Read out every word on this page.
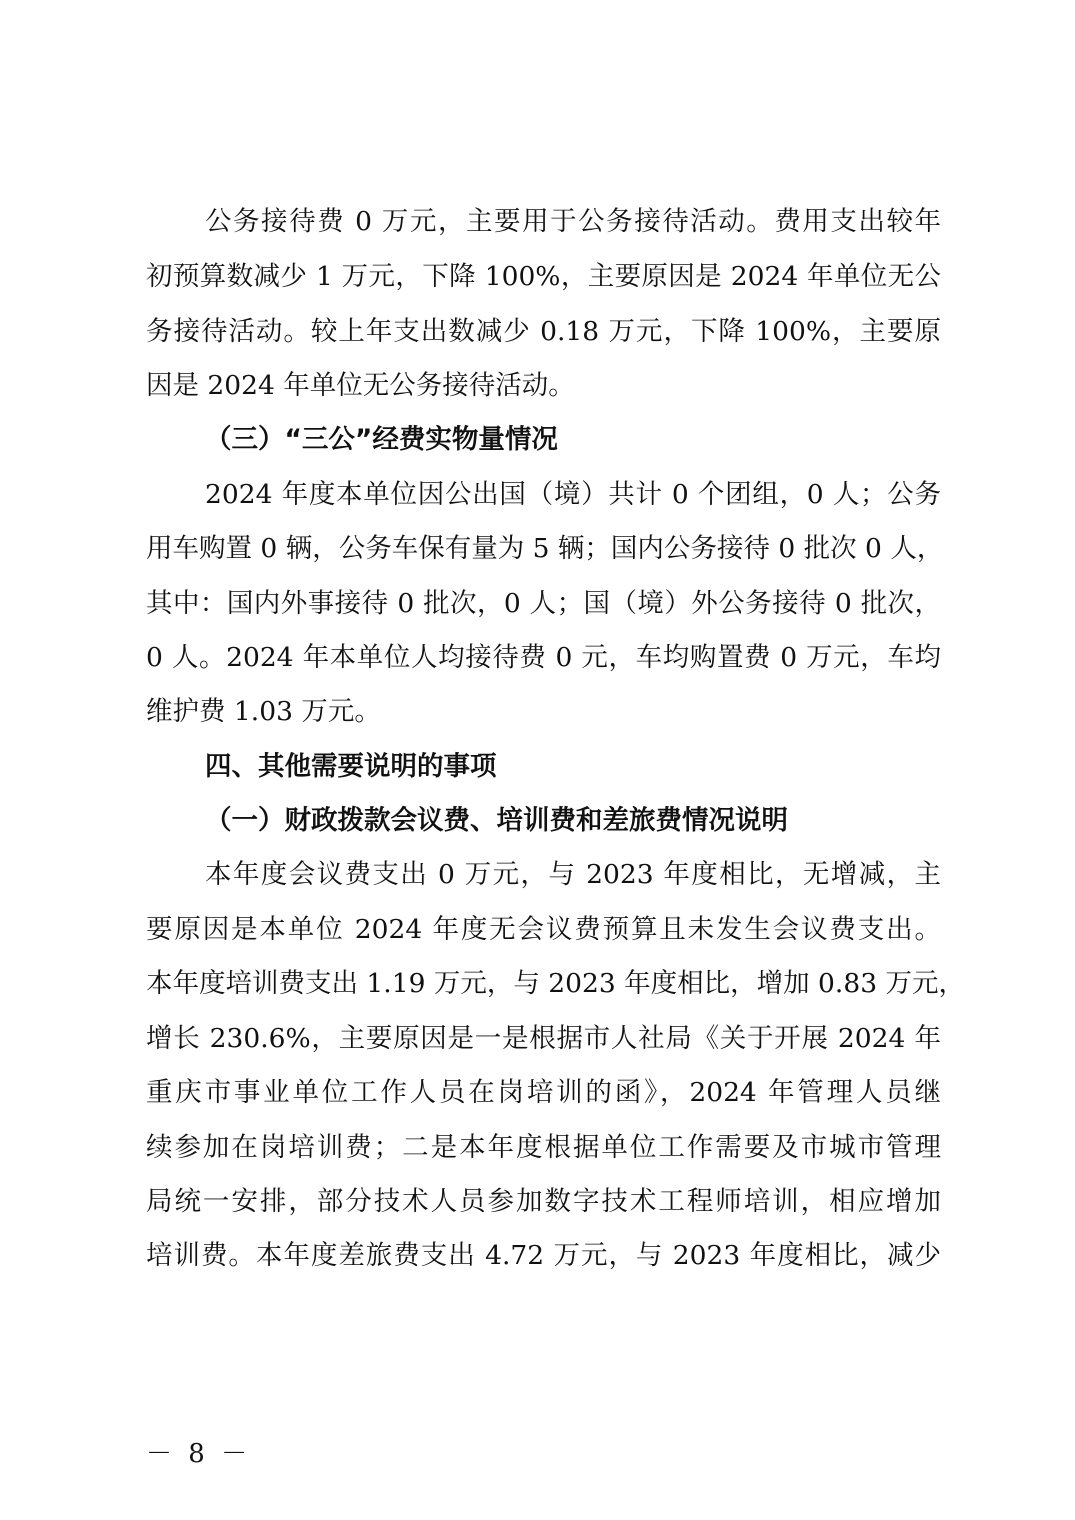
公务接待费 0 万元，主要用于公务接待活动。费用支出较年
初预算数减少 1 万元，下降 100%，主要原因是 2024 年单位无公
务接待活动。较上年支出数减少 0.18 万元，下降 100%，主要原
因是 2024 年单位无公务接待活动。
（三）“三公”经费实物量情况
2024 年度本单位因公出国（境）共计 0 个团组，0 人；公务
用车购置 0 辆，公务车保有量为 5 辆；国内公务接待 0 批次 0 人，
其中：国内外事接待 0 批次，0 人；国（境）外公务接待 0 批次，
0 人。2024 年本单位人均接待费 0 元，车均购置费 0 万元，车均
维护费 1.03 万元。
四、其他需要说明的事项
（一）财政拨款会议费、培训费和差旅费情况说明
本年度会议费支出 0 万元，与 2023 年度相比，无增减，主
要原因是本单位 2024 年度无会议费预算且未发生会议费支出。
本年度培训费支出 1.19 万元，与 2023 年度相比，增加 0.83 万元，
增长 230.6%，主要原因是一是根据市人社局《关于开展 2024 年
重庆市事业单位工作人员在岗培训的函》，2024 年管理人员继
续参加在岗培训费；二是本年度根据单位工作需要及市城市管理
局统一安排，部分技术人员参加数字技术工程师培训，相应增加
培训费。本年度差旅费支出 4.72 万元，与 2023 年度相比，减少
－ 8 －
